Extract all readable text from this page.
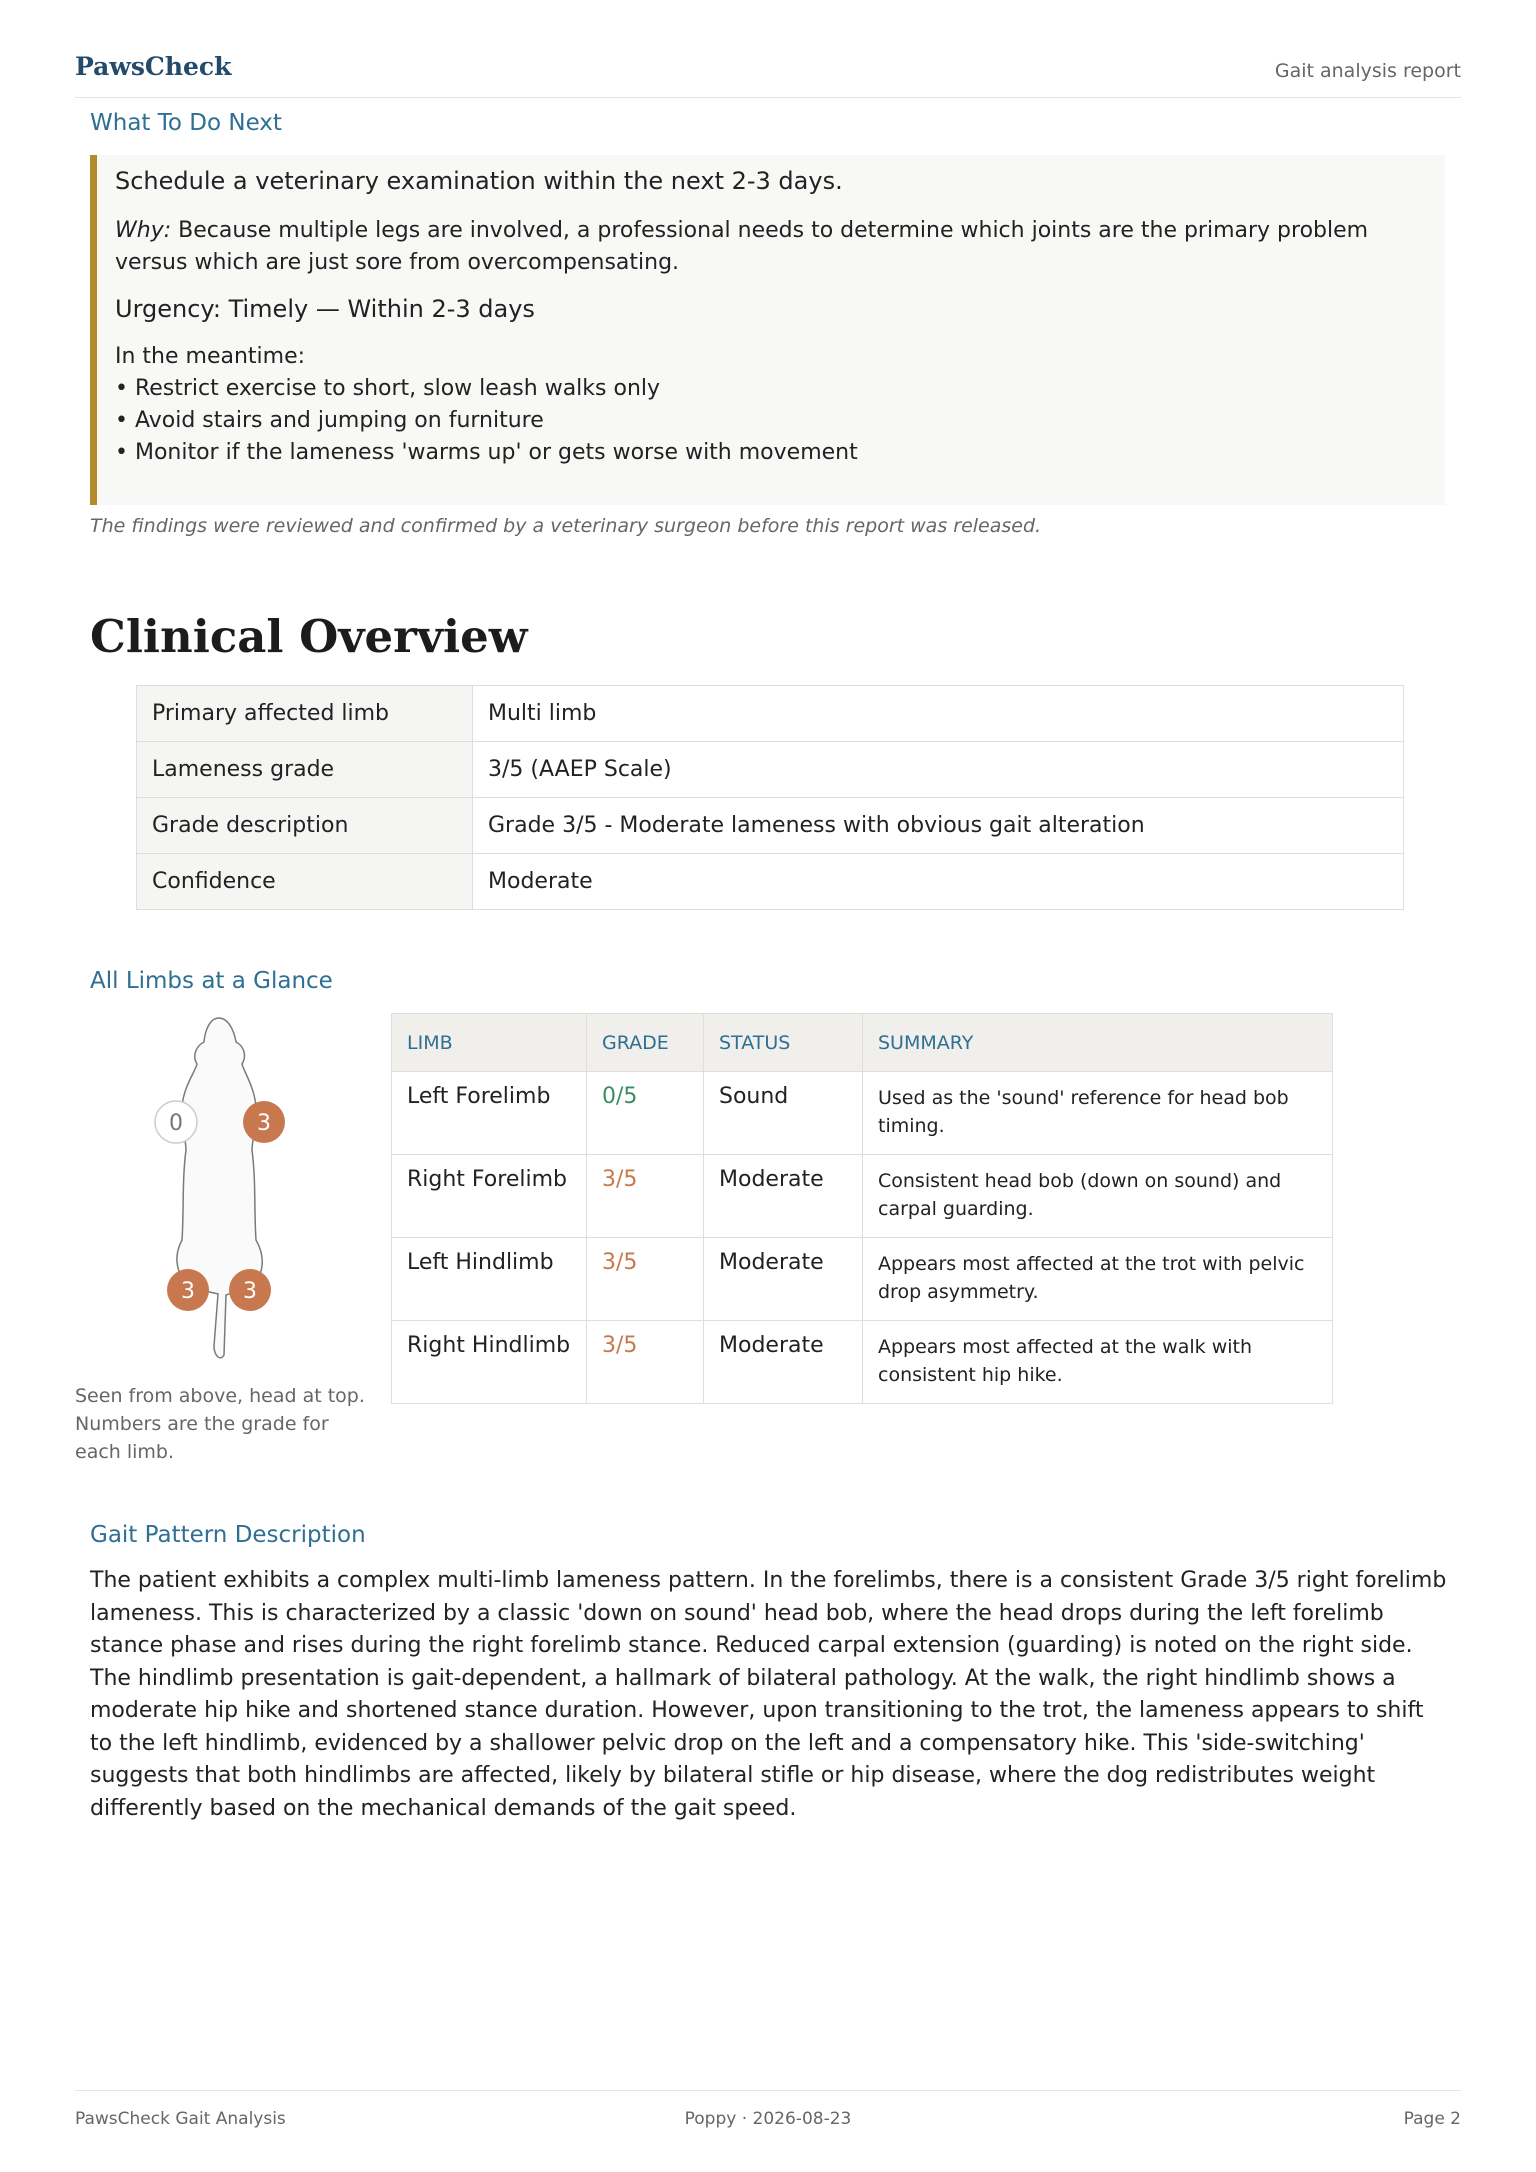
PawsCheck	Gait analysis report
What To Do Next

Schedule a veterinary examination within the next 2-3 days.

Why: Because multiple legs are involved, a professional needs to determine which joints are the primary problem versus which are just sore from overcompensating.

Urgency: Timely — Within 2-3 days

In the meantime:
• Restrict exercise to short, slow leash walks only
• Avoid stairs and jumping on furniture
• Monitor if the lameness 'warms up' or gets worse with movement
The findings were reviewed and confirmed by a veterinary surgeon before this report was released.
Clinical Overview
Primary affected limb	Multi limb
Lameness grade	3/5 (AAEP Scale)
Grade description	Grade 3/5 - Moderate lameness with obvious gait alteration
Confidence	Moderate
All Limbs at a Glance
0	3
3 3
Seen from above, head at top. Numbers are the grade for each limb.
LIMB	GRADE	STATUS	SUMMARY
Left Forelimb	0/5	Sound	Used as the 'sound' reference for head bob timing.
Right Forelimb	3/5	Moderate	Consistent head bob (down on sound) and carpal guarding.
Left Hindlimb	3/5	Moderate	Appears most affected at the trot with pelvic drop asymmetry.
Right Hindlimb	3/5	Moderate	Appears most affected at the walk with consistent hip hike.
Gait Pattern Description

The patient exhibits a complex multi-limb lameness pattern. In the forelimbs, there is a consistent Grade 3/5 right forelimb lameness. This is characterized by a classic 'down on sound' head bob, where the head drops during the left forelimb stance phase and rises during the right forelimb stance. Reduced carpal extension (guarding) is noted on the right side. The hindlimb presentation is gait-dependent, a hallmark of bilateral pathology. At the walk, the right hindlimb shows a moderate hip hike and shortened stance duration. However, upon transitioning to the trot, the lameness appears to shift to the left hindlimb, evidenced by a shallower pelvic drop on the left and a compensatory hike. This 'side-switching' suggests that both hindlimbs are affected, likely by bilateral stifle or hip disease, where the dog redistributes weight differently based on the mechanical demands of the gait speed.

PawsCheck Gait Analysis	Poppy · 2026-08-23	Page 2
